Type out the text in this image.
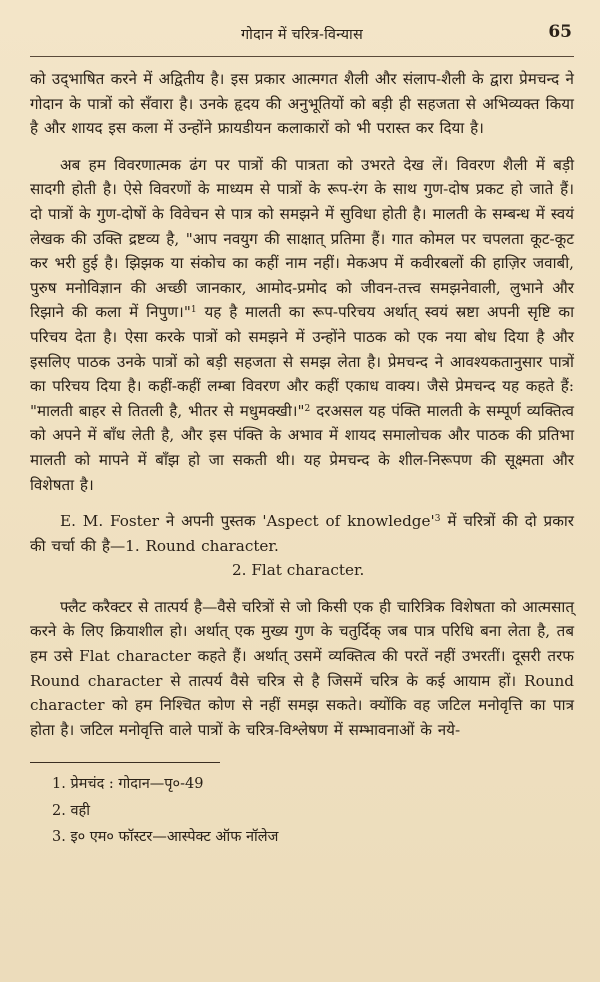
गोदान में चरित्र-विन्यास	65

को उद्‌भाषित करने में अद्वितीय है। इस प्रकार आत्मगत शैली और संलाप-शैली के द्वारा प्रेमचन्द ने गोदान के पात्रों को सँवारा है। उनके हृदय की अनुभूतियों को बड़ी ही सहजता से अभिव्यक्त किया है और शायद इस कला में उन्होंने फ्रायडीयन कलाकारों को भी परास्त कर दिया है।

अब हम विवरणात्मक ढंग पर पात्रों की पात्रता को उभरते देख लें। विवरण शैली में बड़ी सादगी होती है। ऐसे विवरणों के माध्यम से पात्रों के रूप-रंग के साथ गुण-दोष प्रकट हो जाते हैं। दो पात्रों के गुण-दोषों के विवेचन से पात्र को समझने में सुविधा होती है। मालती के सम्बन्ध में स्वयं लेखक की उक्ति द्रष्टव्य है, "आप नवयुग की साक्षात् प्रतिमा हैं। गात कोमल पर चपलता कूट-कूट कर भरी हुई है। झिझक या संकोच का कहीं नाम नहीं। मेकअप में कवीरबलों की हाज़िर जवाबी, पुरुष मनोविज्ञान की अच्छी जानकार, आमोद-प्रमोद को जीवन-तत्त्व समझनेवाली, लुभाने और रिझाने की कला में निपुण।"$^1$ यह है मालती का रूप-परिचय अर्थात् स्वयं स्रष्टा अपनी सृष्टि का परिचय देता है। ऐसा करके पात्रों को समझने में उन्होंने पाठक को एक नया बोध दिया है और इसलिए पाठक उनके पात्रों को बड़ी सहजता से समझ लेता है। प्रेमचन्द ने आवश्यकतानुसार पात्रों का परिचय दिया है। कहीं-कहीं लम्बा विवरण और कहीं एकाध वाक्य। जैसे प्रेमचन्द यह कहते हैं: "मालती बाहर से तितली है, भीतर से मधुमक्खी।"$^2$ दरअसल यह पंक्ति मालती के सम्पूर्ण व्यक्तित्व को अपने में बाँध लेती है, और इस पंक्ति के अभाव में शायद समालोचक और पाठक की प्रतिभा मालती को मापने में बाँझ हो जा सकती थी। यह प्रेमचन्द के शील-निरूपण की सूक्ष्मता और विशेषता है।

E. M. Foster ने अपनी पुस्तक 'Aspect of $knowledge'^3$ में चरित्रों की दो प्रकार की चर्चा की है—1. Round character.

2. Flat character.

फ्लैट करैक्टर से तात्पर्य है—वैसे चरित्रों से जो किसी एक ही चारित्रिक विशेषता को आत्मसात् करने के लिए क्रियाशील हो। अर्थात् एक मुख्य गुण के चतुर्दिक् जब पात्र परिधि बना लेता है, तब हम उसे Flat character कहते हैं। अर्थात् उसमें व्यक्तित्व की परतें नहीं उभरतीं। दूसरी तरफ Round character से तात्पर्य वैसे चरित्र से है जिसमें चरित्र के कई आयाम हों। Round character को हम निश्चित कोण से नहीं समझ सकते। क्योंकि वह जटिल मनोवृत्ति का पात्र होता है। जटिल मनोवृत्ति वाले पात्रों के चरित्र-विश्लेषण में सम्भावनाओं के नये-

1. प्रेमचंद : गोदान—पृ०-49
2. वही
3. इ० एम० फॉस्टर—आस्पेक्ट ऑफ नॉलेज
